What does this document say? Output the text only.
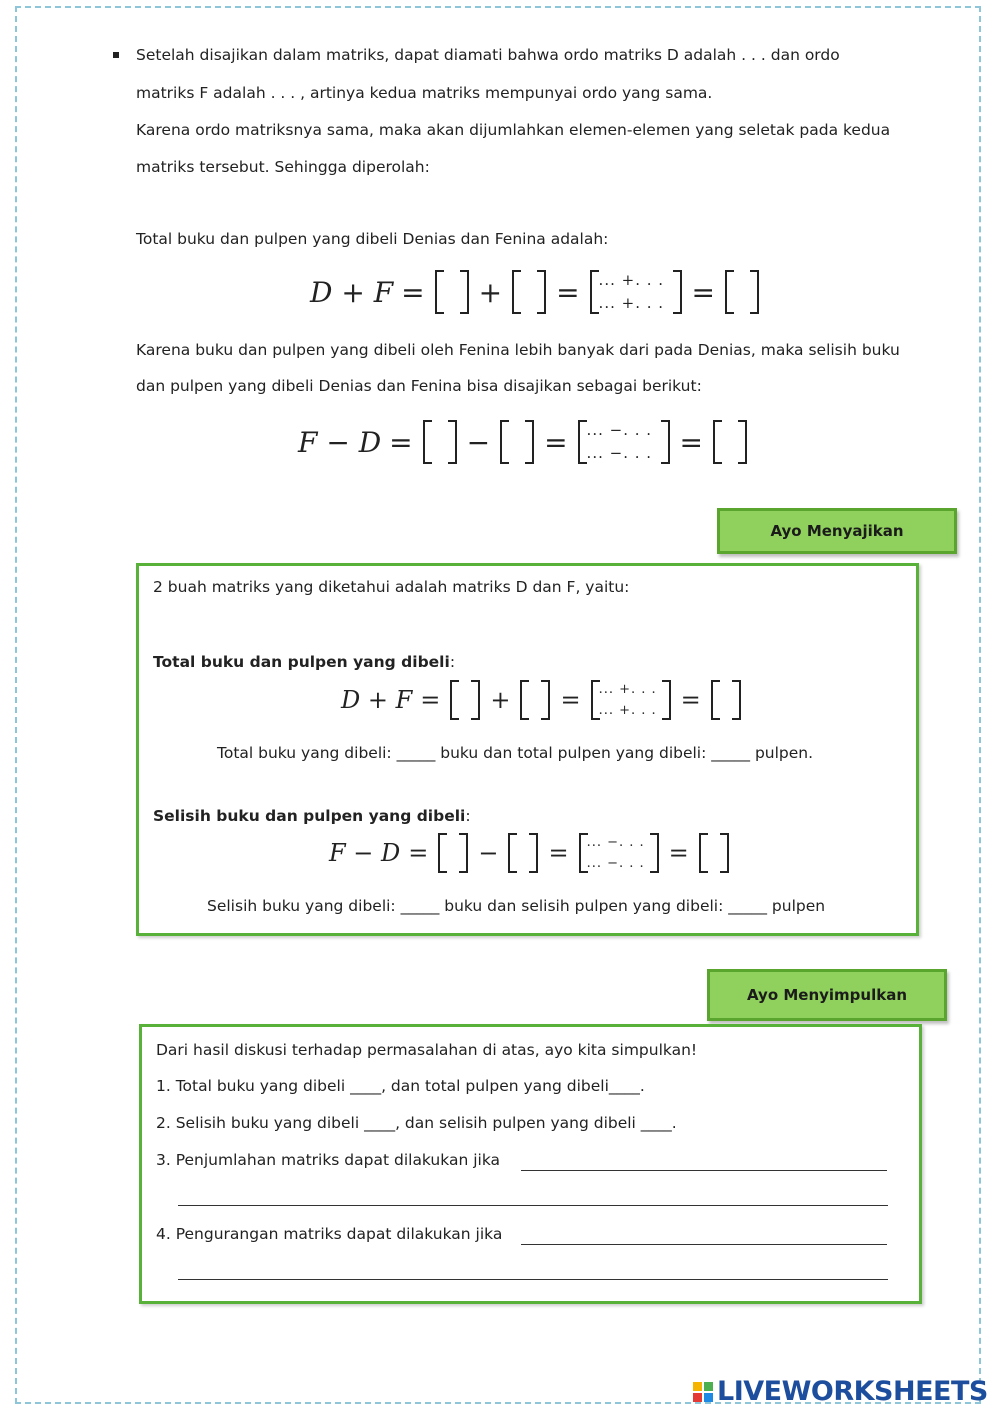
Setelah disajikan dalam matriks, dapat diamati bahwa ordo matriks D adalah . . . dan ordo
matriks F adalah . . . , artinya kedua matriks mempunyai ordo yang sama.
Karena ordo matriksnya sama, maka akan dijumlahkan elemen-elemen yang seletak pada kedua
matriks tersebut. Sehingga diperolah:
Total buku dan pulpen yang dibeli Denias dan Fenina adalah:
D + F = + = ... +. . .
... +. . . =
Karena buku dan pulpen yang dibeli oleh Fenina lebih banyak dari pada Denias, maka selisih buku
dan pulpen yang dibeli Denias dan Fenina bisa disajikan sebagai berikut:
F − D = − = ... −. . .
... −. . . =
Ayo Menyajikan
2 buah matriks yang diketahui adalah matriks D dan F, yaitu:
Total buku dan pulpen yang dibeli:
D + F = + = ... +. . .
... +. . . =
Total buku yang dibeli: _____ buku dan total pulpen yang dibeli: _____ pulpen.
Selisih buku dan pulpen yang dibeli:
F − D = − = ... −. . .
... −. . . =
Selisih buku yang dibeli: _____ buku dan selisih pulpen yang dibeli: _____ pulpen
Ayo Menyimpulkan
Dari hasil diskusi terhadap permasalahan di atas, ayo kita simpulkan!
1. Total buku yang dibeli ____, dan total pulpen yang dibeli____.
2. Selisih buku yang dibeli ____, dan selisih pulpen yang dibeli ____.
3. Penjumlahan matriks dapat dilakukan jika
4. Pengurangan matriks dapat dilakukan jika
LIVEWORKSHEETS
